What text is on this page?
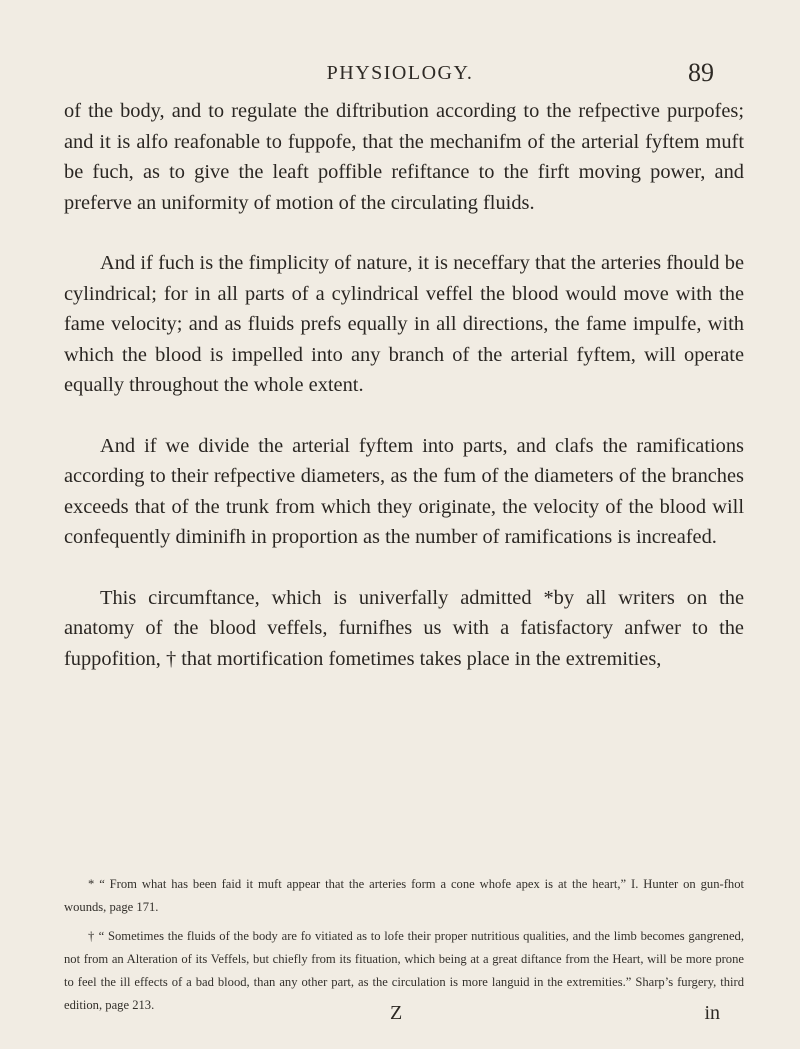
PHYSIOLOGY.	89

of the body, and to regulate the diftribution according to the refpective purpofes; and it is alfo reafonable to fuppofe, that the mechanifm of the arterial fyftem muft be fuch, as to give the leaft poffible refiftance to the firft moving power, and preferve an uniformity of motion of the circulating fluids.

And if fuch is the fimplicity of nature, it is neceffary that the arteries fhould be cylindrical; for in all parts of a cylindrical veffel the blood would move with the fame velocity; and as fluids prefs equally in all directions, the fame impulfe, with which the blood is impelled into any branch of the arterial fyftem, will operate equally throughout the whole extent.

And if we divide the arterial fyftem into parts, and clafs the ramifications according to their refpective diameters, as the fum of the diameters of the branches exceeds that of the trunk from which they originate, the velocity of the blood will confequently diminifh in proportion as the number of ramifications is increafed.

This circumftance, which is univerfally admitted *by all writers on the anatomy of the blood veffels, furnifhes us with a fatisfactory anfwer to the fuppofition, † that mortification fometimes takes place in the extremities,

* “ From what has been faid it muft appear that the arteries form a cone whofe apex is at the heart,” I. Hunter on gun-fhot wounds, page 171.

† “ Sometimes the fluids of the body are fo vitiated as to lofe their proper nutritious qualities, and the limb becomes gangrened, not from an Alteration of its Veffels, but chiefly from its fituation, which being at a great diftance from the Heart, will be more prone to feel the ill effects of a bad blood, than any other part, as the circulation is more languid in the extremities.” Sharp’s furgery, third edition, page 213.	Z	in
